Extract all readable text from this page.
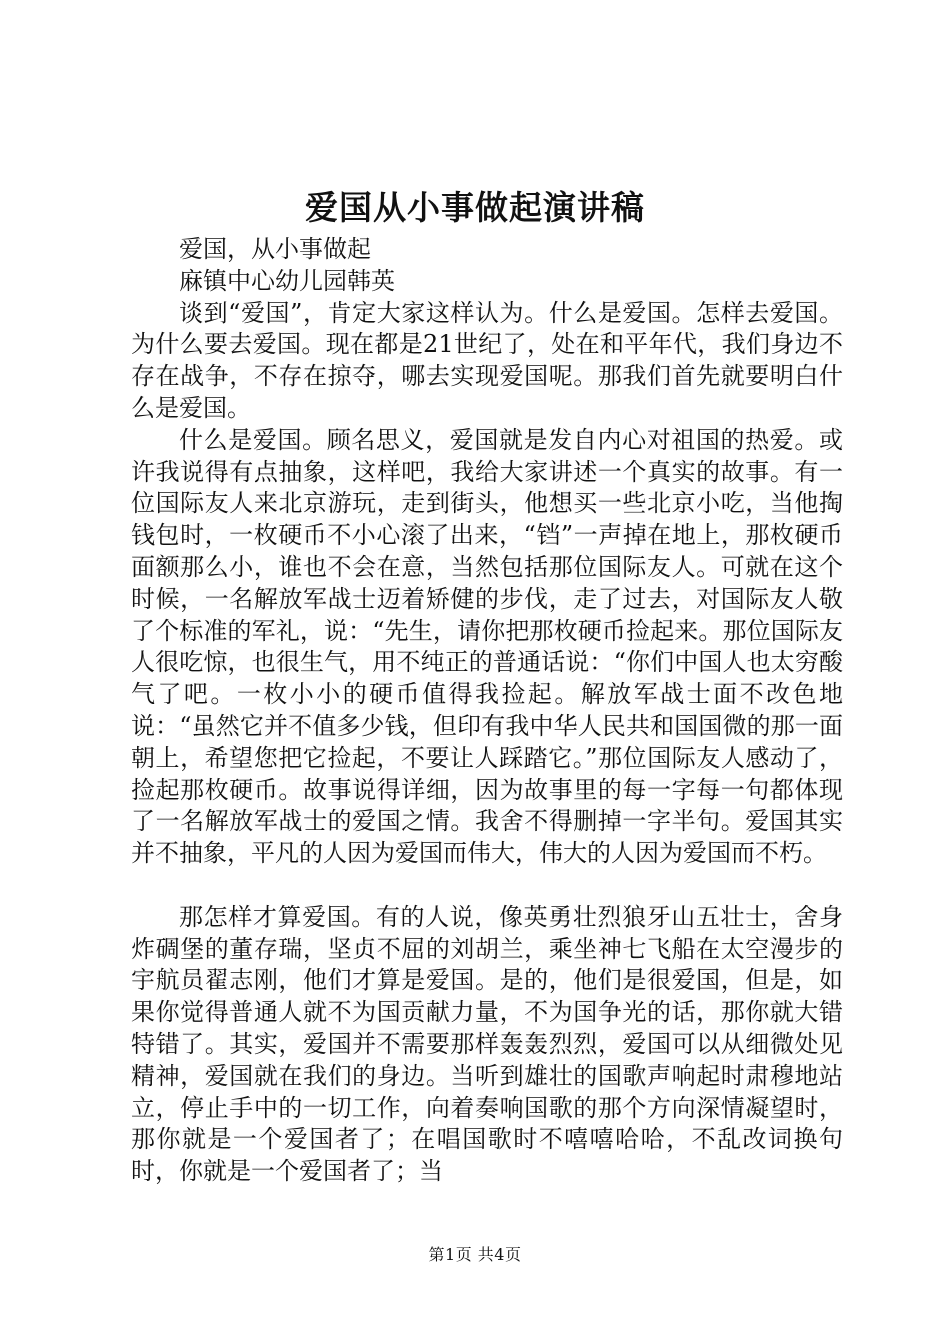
爱国从小事做起演讲稿

爱国，从小事做起

麻镇中心幼儿园韩英

谈到“爱国”，肯定大家这样认为。什么是爱国。怎样去爱国。为什么要去爱国。现在都是21世纪了，处在和平年代，我们身边不存在战争，不存在掠夺，哪去实现爱国呢。那我们首先就要明白什么是爱国。

什么是爱国。顾名思义，爱国就是发自内心对祖国的热爱。或许我说得有点抽象，这样吧，我给大家讲述一个真实的故事。有一位国际友人来北京游玩，走到街头，他想买一些北京小吃，当他掏钱包时，一枚硬币不小心滚了出来，“铛”一声掉在地上，那枚硬币面额那么小，谁也不会在意，当然包括那位国际友人。可就在这个时候，一名解放军战士迈着矫健的步伐，走了过去，对国际友人敬了个标准的军礼，说：“先生，请你把那枚硬币捡起来。那位国际友人很吃惊，也很生气，用不纯正的普通话说：“你们中国人也太穷酸气了吧。一枚小小的硬币值得我捡起。解放军战士面不改色地说：“虽然它并不值多少钱，但印有我中华人民共和国国微的那一面朝上，希望您把它捡起，不要让人踩踏它。”那位国际友人感动了，捡起那枚硬币。故事说得详细，因为故事里的每一字每一句都体现了一名解放军战士的爱国之情。我舍不得删掉一字半句。爱国其实并不抽象，平凡的人因为爱国而伟大，伟大的人因为爱国而不朽。

那怎样才算爱国。有的人说，像英勇壮烈狼牙山五壮士，舍身炸碉堡的董存瑞，坚贞不屈的刘胡兰，乘坐神七飞船在太空漫步的宇航员翟志刚，他们才算是爱国。是的，他们是很爱国，但是，如果你觉得普通人就不为国贡献力量，不为国争光的话，那你就大错特错了。其实，爱国并不需要那样轰轰烈烈，爱国可以从细微处见精神，爱国就在我们的身边。当听到雄壮的国歌声响起时肃穆地站立，停止手中的一切工作，向着奏响国歌的那个方向深情凝望时，那你就是一个爱国者了；在唱国歌时不嘻嘻哈哈，不乱改词换句时，你就是一个爱国者了；当

第1页 共4页
